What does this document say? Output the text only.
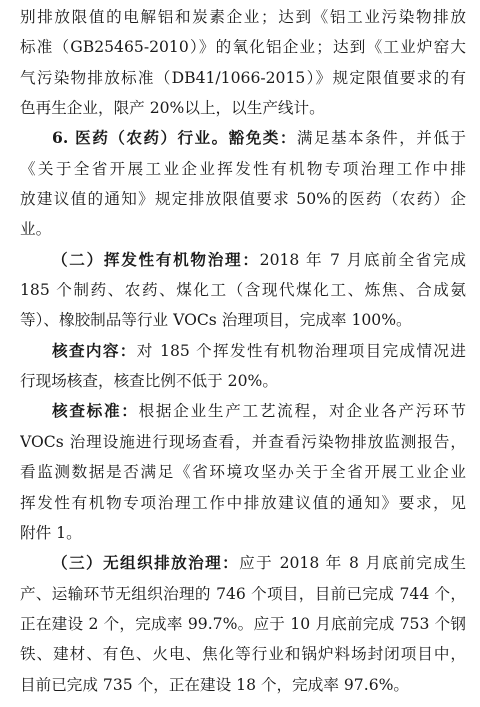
别排放限值的电解铝和炭素企业；达到《铝工业污染物排放
标准（GB25465-2010）》的氧化铝企业；达到《工业炉窑大
气污染物排放标准（DB41/1066-2015）》规定限值要求的有
色再生企业，限产 20%以上，以生产线计。
6. 医药（农药）行业。豁免类：满足基本条件，并低于
《关于全省开展工业企业挥发性有机物专项治理工作中排
放建议值的通知》规定排放限值要求 50%的医药（农药）企
业。
（二）挥发性有机物治理：2018 年 7 月底前全省完成
185 个制药、农药、煤化工（含现代煤化工、炼焦、合成氨
等）、橡胶制品等行业 VOCs 治理项目，完成率 100%。
核查内容：对 185 个挥发性有机物治理项目完成情况进
行现场核查，核查比例不低于 20%。
核查标准：根据企业生产工艺流程，对企业各产污环节
VOCs 治理设施进行现场查看，并查看污染物排放监测报告，
看监测数据是否满足《省环境攻坚办关于全省开展工业企业
挥发性有机物专项治理工作中排放建议值的通知》要求，见
附件 1。
（三）无组织排放治理：应于 2018 年 8 月底前完成生
产、运输环节无组织治理的 746 个项目，目前已完成 744 个，
正在建设 2 个，完成率 99.7%。应于 10 月底前完成 753 个钢
铁、建材、有色、火电、焦化等行业和锅炉料场封闭项目中，
目前已完成 735 个，正在建设 18 个，完成率 97.6%。
